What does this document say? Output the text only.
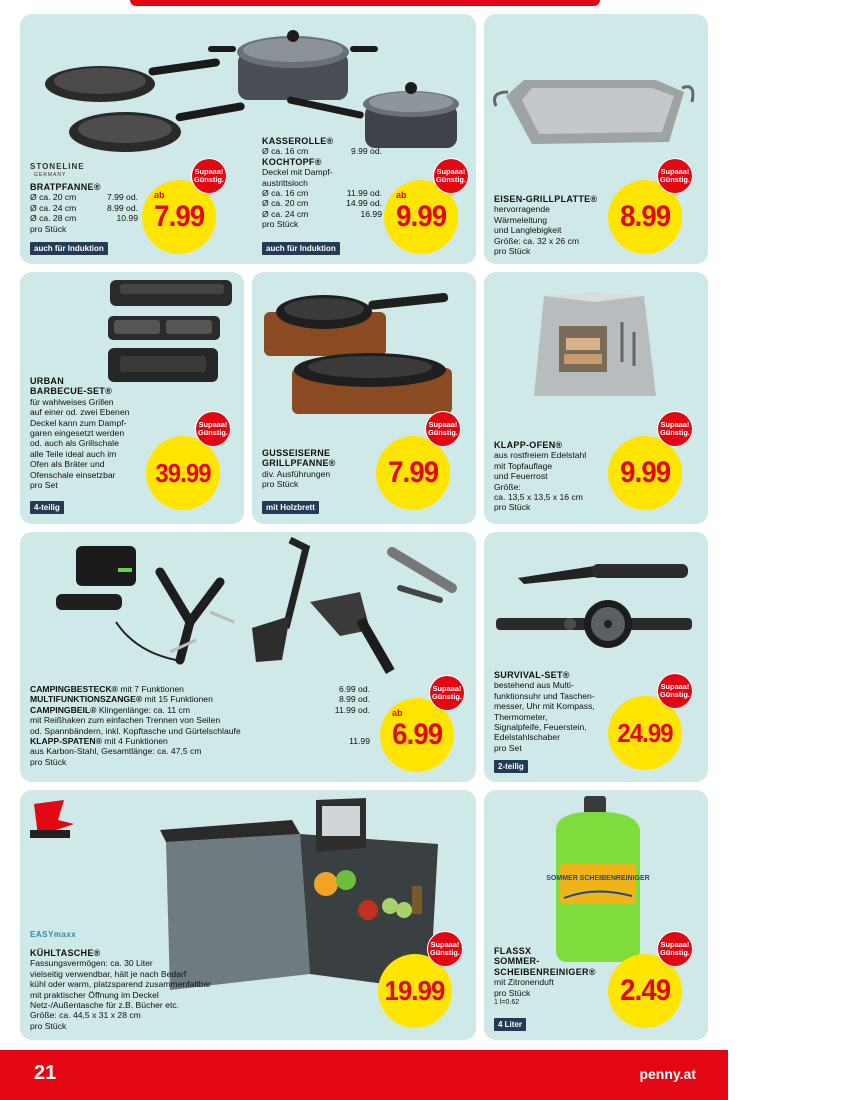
STONELINE
GERMANY
BRATPFANNE®
Ø ca. 20 cm	7.99 od.
Ø ca. 24 cm	8.99 od.
Ø ca. 28 cm	10.99
pro Stück
auch für Induktion
ab
7.99
Supaaa!
Günstig.
KASSEROLLE®
Ø ca. 16 cm	9.99 od.
KOCHTOPF®
Deckel mit Dampf-
austrittsloch
Ø ca. 16 cm	11.99 od.
Ø ca. 20 cm	14.99 od.
Ø ca. 24 cm	16.99
pro Stück
auch für Induktion
ab
9.99
Supaaa!
Günstig.
EISEN-GRILLPLATTE®
hervorragende
Wärmeleitung
und Langlebigkeit
Größe: ca. 32 x 26 cm
pro Stück
8.99
Supaaa!
Günstig.
URBAN
BARBECUE-SET®
für wahlweises Grillen
auf einer od. zwei Ebenen
Deckel kann zum Dampf-
garen eingesetzt werden
od. auch als Grillschale
alle Teile ideal auch im
Ofen als Bräter und
Ofenschale einsetzbar
pro Set
4-teilig
39.99
Supaaa!
Günstig.
GUSSEISERNE
GRILLPFANNE®
div. Ausführungen
pro Stück
mit Holzbrett
7.99
Supaaa!
Günstig.
KLAPP-OFEN®
aus rostfreiem Edelstahl
mit Topfauflage
und Feuerrost
Größe:
ca. 13,5 x 13,5 x 16 cm
pro Stück
9.99
Supaaa!
Günstig.
CAMPINGBESTECK® mit 7 Funktionen	6.99 od.
MULTIFUNKTIONSZANGE® mit 15 Funktionen	8.99 od.
CAMPINGBEIL® Klingenlänge: ca. 11 cm	11.99 od.
mit Reißhaken zum einfachen Trennen von Seilen
od. Spannbändern, inkl. Kopftasche und Gürtelschlaufe
KLAPP-SPATEN® mit 4 Funktionen	11.99
aus Karbon-Stahl, Gesamtlänge: ca. 47,5 cm
pro Stück
ab
6.99
Supaaa!
Günstig.
SURVIVAL-SET®
bestehend aus Multi-
funktionsuhr und Taschen-
messer, Uhr mit Kompass,
Thermometer,
Signalpfeife, Feuerstein,
Edelstahlschaber
pro Set
2-teilig
24.99
Supaaa!
Günstig.
EASYmaxx
KÜHLTASCHE®
Fassungsvermögen: ca. 30 Liter
vielseitig verwendbar, hält je nach Bedarf
kühl oder warm, platzsparend zusammenfaltbar
mit praktischer Öffnung im Deckel
Netz-/Außentasche für z.B. Bücher etc.
Größe: ca. 44,5 x 31 x 28 cm
pro Stück
19.99
Supaaa!
Günstig.
SOMMER SCHEIBENREINIGER
FLASSX
SOMMER-
SCHEIBENREINIGER®
mit Zitronenduft
pro Stück
1 l=0.62
4 Liter
2.49
Supaaa!
Günstig.
21	penny.at
